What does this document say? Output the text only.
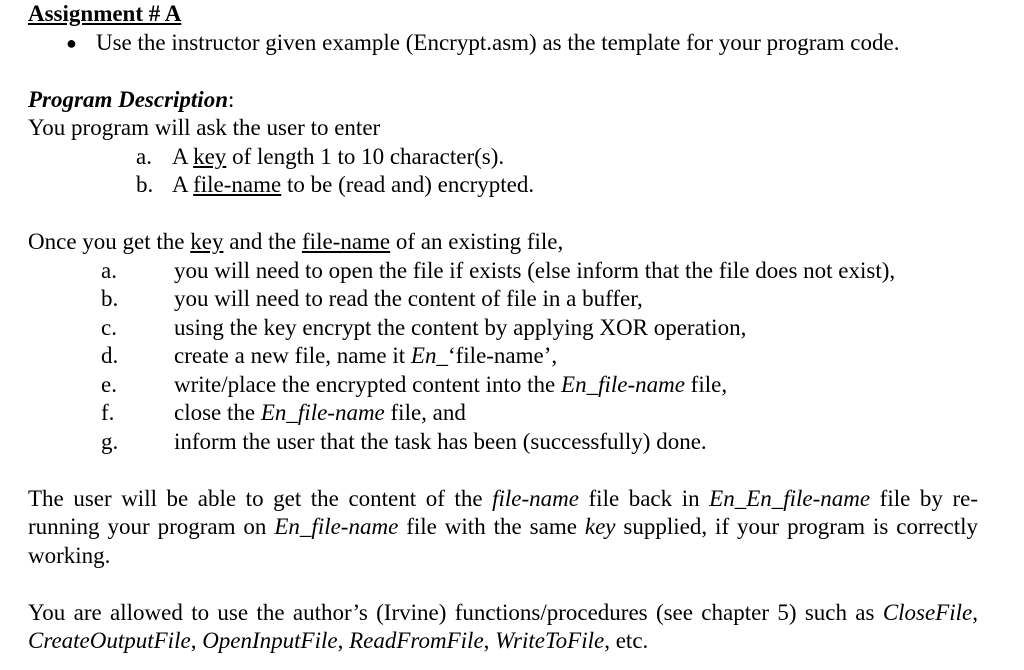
Assignment # A
● Use the instructor given example (Encrypt.asm) as the template for your program code.
Program Description:
You program will ask the user to enter
a. A key of length 1 to 10 character(s).
b. A file-name to be (read and) encrypted.
Once you get the key and the file-name of an existing file,
a.	you will need to open the file if exists (else inform that the file does not exist),
b.	you will need to read the content of file in a buffer,
c.	using the key encrypt the content by applying XOR operation,
d.	create a new file, name it En_‘file-name’,
e.	write/place the encrypted content into the En_file-name file,
f.	close the En_file-name file, and
g.	inform the user that the task has been (successfully) done.
The user will be able to get the content of the file-name file back in En_En_file-name file by re-running your program on En_file-name file with the same key supplied, if your program is correctly working.
You are allowed to use the author’s (Irvine) functions/procedures (see chapter 5) such as CloseFile, CreateOutputFile, OpenInputFile, ReadFromFile, WriteToFile, etc.
